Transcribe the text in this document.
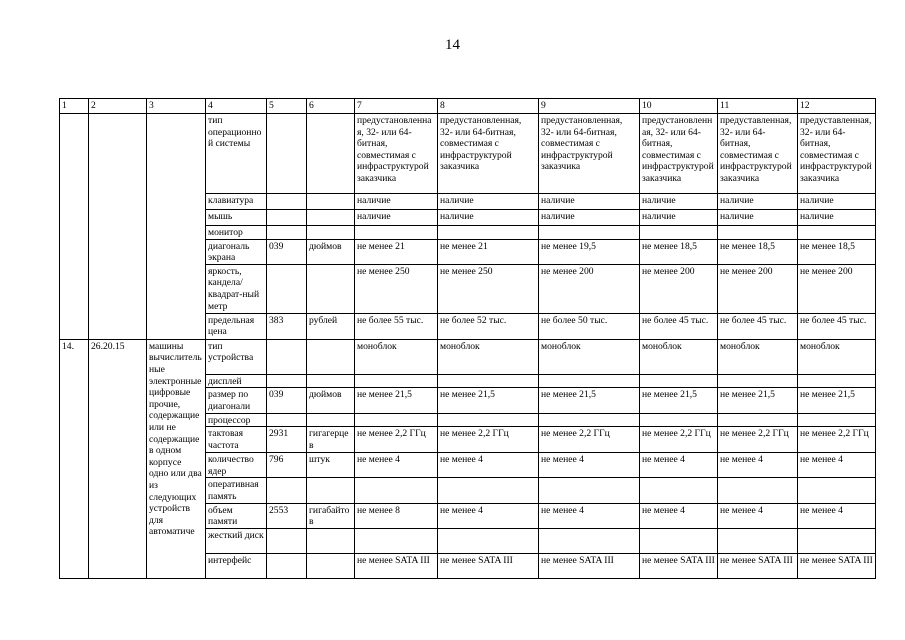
14
1	2	3	4	5	6	7	8	9	10	11	12
			тип операционной системы			предустановленная, 32- или 64-битная, совместимая с инфраструктурой заказчика	предустановленная, 32- или 64-битная, совместимая с инфраструктурой заказчика	предустановленная, 32- или 64-битная, совместимая с инфраструктурой заказчика	предустановленная, 32- или 64-битная, совместимая с инфраструктурой заказчика	предуставленная, 32- или 64-битная, совместимая с инфраструктурой заказчика	предуставленная, 32- или 64-битная, совместимая с инфраструктурой заказчика
			клавиатура			наличие	наличие	наличие	наличие	наличие	наличие
			мышь			наличие	наличие	наличие	наличие	наличие	наличие
			монитор								
			диагональ экрана	039	дюймов	не менее 21	не менее 21	не менее 19,5	не менее 18,5	не менее 18,5	не менее 18,5
			яркость, кандела/квадрат-ный метр			не менее 250	не менее 250	не менее 200	не менее 200	не менее 200	не менее 200
			предельная цена	383	рублей	не более 55 тыс.	не более 52 тыс.	не более 50 тыс.	не более 45 тыс.	не более 45 тыс.	не более 45 тыс.
14.	26.20.15	машины вычислительные электронные цифровые прочие, содержащие или не содержащие в одном корпусе одно или два из следующих устройств для автоматиче	тип устройства			моноблок	моноблок	моноблок	моноблок	моноблок	моноблок
			дисплей								
			размер по диагонали	039	дюймов	не менее 21,5	не менее 21,5	не менее 21,5	не менее 21,5	не менее 21,5	не менее 21,5
			процессор								
			тактовая частота	2931	гигагерцев	не менее 2,2 ГГц	не менее 2,2 ГГц	не менее 2,2 ГГц	не менее 2,2 ГГц	не менее 2,2 ГГц	не менее 2,2 ГГц
			количество ядер	796	штук	не менее 4	не менее 4	не менее 4	не менее 4	не менее 4	не менее 4
			оперативная память								
			объем памяти	2553	гигабайтов	не менее 8	не менее 4	не менее 4	не менее 4	не менее 4	не менее 4
			жесткий диск								
			интерфейс			не менее SATA III	не менее SATA III	не менее SATA III	не менее SATA III	не менее SATA III	не менее SATA III
